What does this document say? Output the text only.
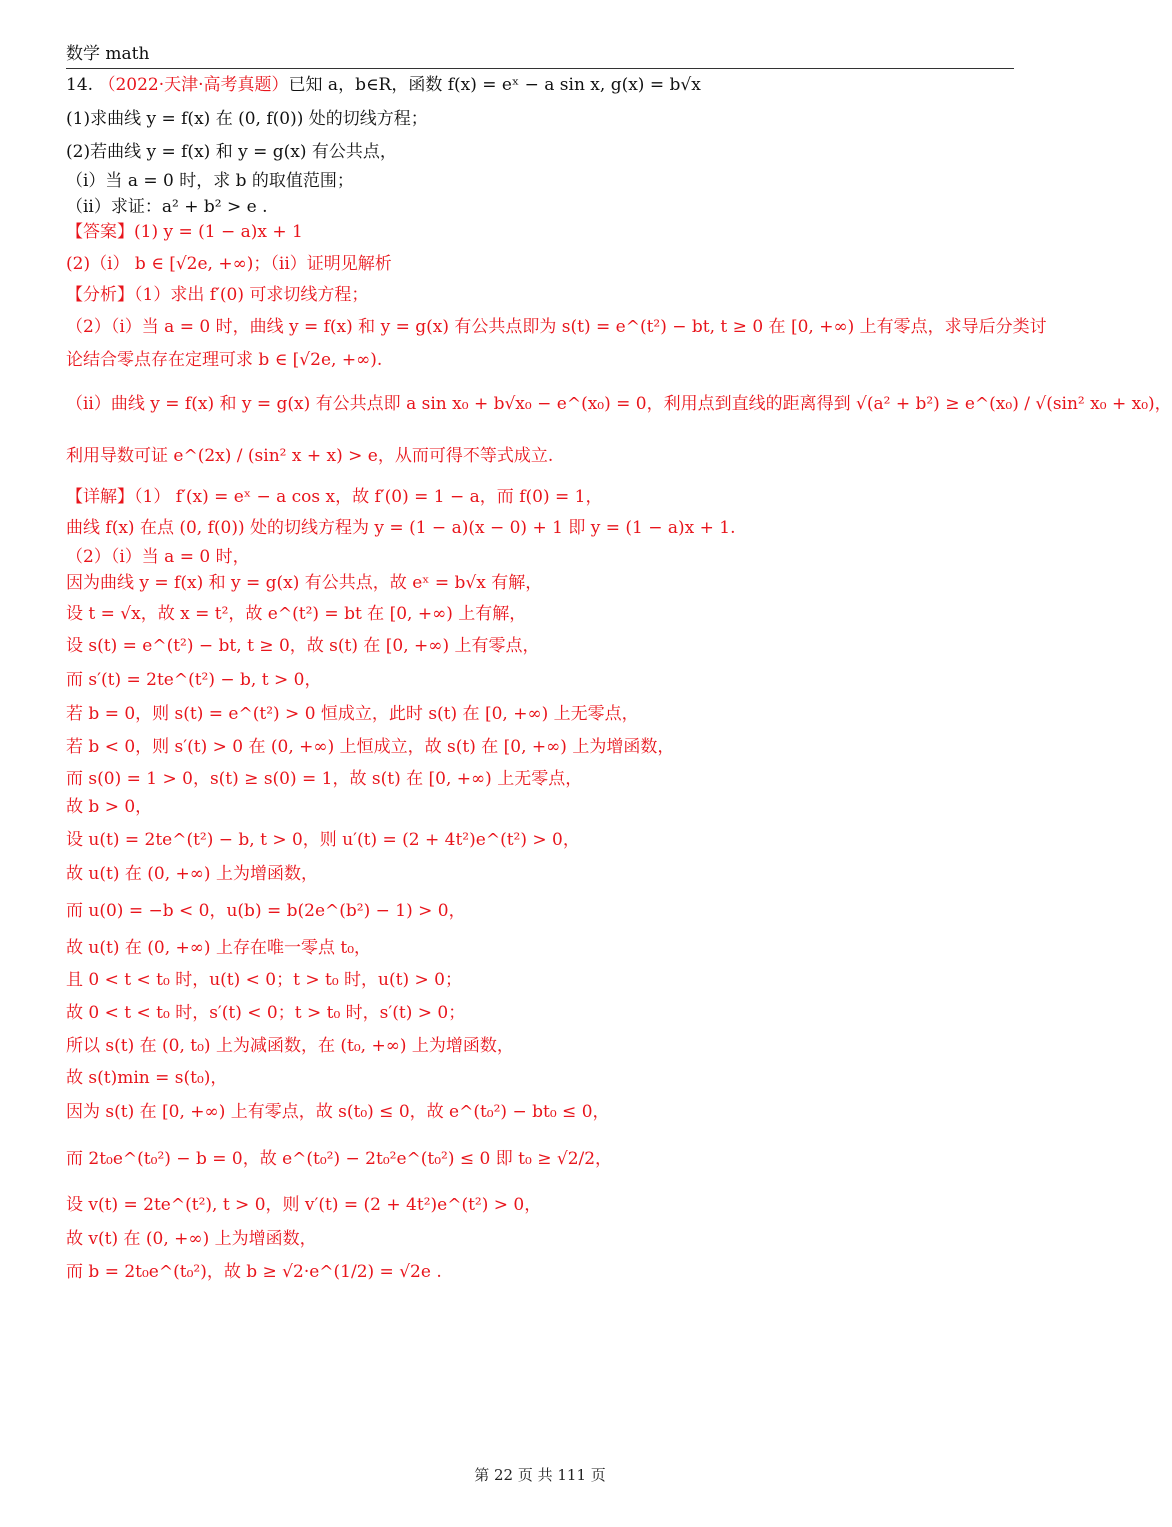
数学 math
14. （2022·天津·高考真题）已知 a，b∈R，函数 f(x) = eˣ − a sin x, g(x) = b√x
(1)求曲线 y = f(x) 在 (0, f(0)) 处的切线方程；
(2)若曲线 y = f(x) 和 y = g(x) 有公共点，
（i）当 a = 0 时，求 b 的取值范围；
（ii）求证：a² + b² > e .
【答案】(1) y = (1 − a)x + 1
(2)（i） b ∈ [√2e, +∞)；（ii）证明见解析
【分析】（1）求出 f′(0) 可求切线方程；
（2）（i）当 a = 0 时，曲线 y = f(x) 和 y = g(x) 有公共点即为 s(t) = e^(t²) − bt, t ≥ 0 在 [0, +∞) 上有零点，求导后分类讨
论结合零点存在定理可求 b ∈ [√2e, +∞).
（ii）曲线 y = f(x) 和 y = g(x) 有公共点即 a sin x₀ + b√x₀ − e^(x₀) = 0，利用点到直线的距离得到 √(a² + b²) ≥ e^(x₀) / √(sin² x₀ + x₀)，
利用导数可证 e^(2x) / (sin² x + x) > e，从而可得不等式成立.
【详解】（1） f′(x) = eˣ − a cos x，故 f′(0) = 1 − a，而 f(0) = 1，
曲线 f(x) 在点 (0, f(0)) 处的切线方程为 y = (1 − a)(x − 0) + 1 即 y = (1 − a)x + 1.
（2）（i）当 a = 0 时，
因为曲线 y = f(x) 和 y = g(x) 有公共点，故 eˣ = b√x 有解，
设 t = √x，故 x = t²，故 e^(t²) = bt 在 [0, +∞) 上有解，
设 s(t) = e^(t²) − bt, t ≥ 0，故 s(t) 在 [0, +∞) 上有零点，
而 s′(t) = 2te^(t²) − b, t > 0，
若 b = 0，则 s(t) = e^(t²) > 0 恒成立，此时 s(t) 在 [0, +∞) 上无零点，
若 b < 0，则 s′(t) > 0 在 (0, +∞) 上恒成立，故 s(t) 在 [0, +∞) 上为增函数，
而 s(0) = 1 > 0，s(t) ≥ s(0) = 1，故 s(t) 在 [0, +∞) 上无零点，
故 b > 0，
设 u(t) = 2te^(t²) − b, t > 0，则 u′(t) = (2 + 4t²)e^(t²) > 0，
故 u(t) 在 (0, +∞) 上为增函数，
而 u(0) = −b < 0，u(b) = b(2e^(b²) − 1) > 0，
故 u(t) 在 (0, +∞) 上存在唯一零点 t₀，
且 0 < t < t₀ 时，u(t) < 0；t > t₀ 时，u(t) > 0；
故 0 < t < t₀ 时，s′(t) < 0；t > t₀ 时，s′(t) > 0；
所以 s(t) 在 (0, t₀) 上为减函数，在 (t₀, +∞) 上为增函数，
故 s(t)min = s(t₀)，
因为 s(t) 在 [0, +∞) 上有零点，故 s(t₀) ≤ 0，故 e^(t₀²) − bt₀ ≤ 0，
而 2t₀e^(t₀²) − b = 0，故 e^(t₀²) − 2t₀²e^(t₀²) ≤ 0 即 t₀ ≥ √2/2，
设 v(t) = 2te^(t²), t > 0，则 v′(t) = (2 + 4t²)e^(t²) > 0，
故 v(t) 在 (0, +∞) 上为增函数，
而 b = 2t₀e^(t₀²)，故 b ≥ √2·e^(1/2) = √2e .
第 22 页 共 111 页
